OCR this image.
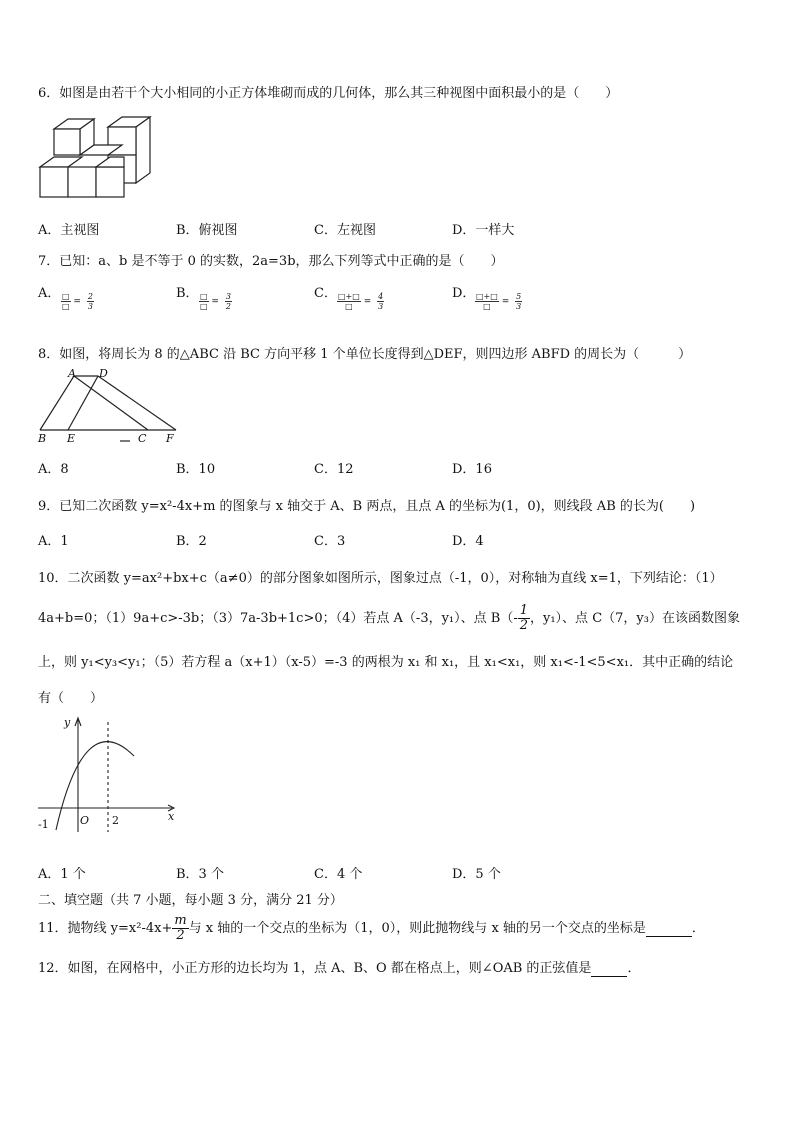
6．如图是由若干个大小相同的小正方体堆砌而成的几何体，那么其三种视图中面积最小的是（　　）
A．主视图	B．俯视图	C．左视图	D．一样大
7．已知：a、b 是不等于 0 的实数，2a=3b，那么下列等式中正确的是（　　）
A． $\frac{□}{□} = \frac{2}{3}$	B． $\frac{□}{□} = \frac{3}{2}$	C． $\frac{□+□}{□} = \frac{4}{3}$	D． $\frac{□+□}{□} = \frac{5}{3}$
8．如图，将周长为 8 的△ABC 沿 BC 方向平移 1 个单位长度得到△DEF，则四边形 ABFD 的周长为（　　　）
A D
B E	C F
A．8	B．10	C．12	D．16
9．已知二次函数 y=x²-4x+m 的图象与 x 轴交于 A、B 两点，且点 A 的坐标为(1，0)，则线段 AB 的长为(　　)
A．1	B．2	C．3	D．4
10．二次函数 y=ax²+bx+c（a≠0）的部分图象如图所示，图象过点（-1，0），对称轴为直线 x=1，下列结论：（1）
4a+b=0；（1）9a+c>-3b；（3）7a-3b+1c>0；（4）若点 A（-3，y₁）、点 $B(- \frac{1}{2}$ ，y₁）、点 C（7，y₃）在该函数图象
上，则 y₁<y₃<y₁；（5）若方程 a（x+1）（x-5）=-3 的两根为 x₁ 和 x₁，且 x₁<x₁，则 x₁<-1<5<x₁．其中正确的结论
有（　　）
y
x
O
-1	2
A．1 个	B．3 个	C．4 个	D．5 个
二、填空题（共 7 小题，每小题 3 分，满分 21 分）
11．抛物线 $y=x^2-4x+ \frac{m}{2}$ 与 x 轴的一个交点的坐标为（1，0），则此抛物线与 x 轴的另一个交点的坐标是	．
12．如图，在网格中，小正方形的边长均为 1，点 A、B、O 都在格点上，则∠OAB 的正弦值是	．
